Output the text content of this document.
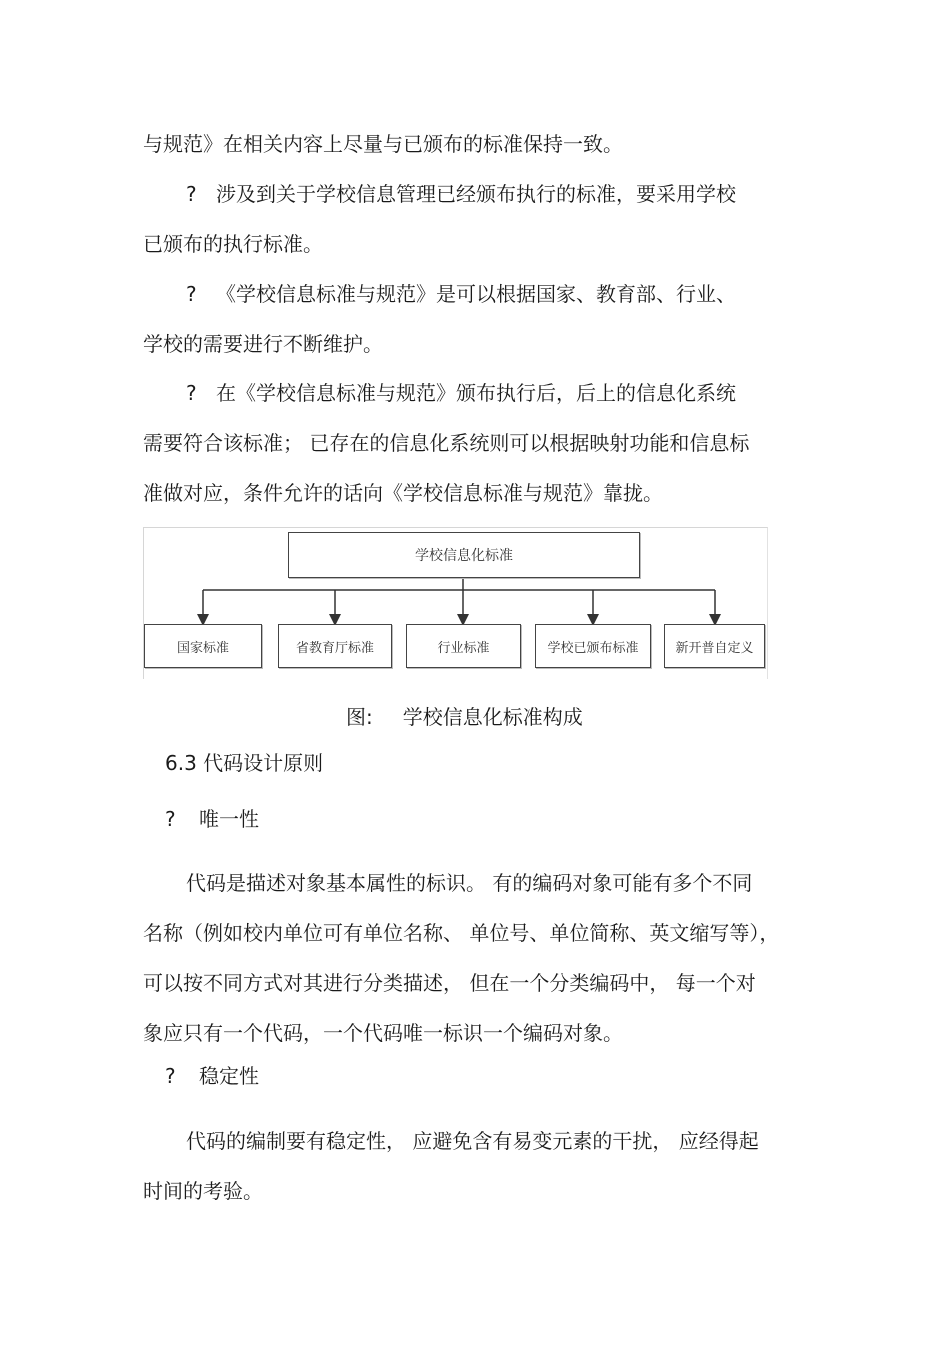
与规范》在相关内容上尽量与已颁布的标准保持一致。
? 涉及到关于学校信息管理已经颁布执行的标准，要采用学校
已颁布的执行标准。
? 《学校信息标准与规范》是可以根据国家、教育部、行业、
学校的需要进行不断维护。
? 在《学校信息标准与规范》颁布执行后，后上的信息化系统
需要符合该标准； 已存在的信息化系统则可以根据映射功能和信息标
准做对应，条件允许的话向《学校信息标准与规范》靠拢。
学校信息化标准
国家标准	省教育厅标准	行业标准	学校已颁布标准	新开普自定义
图: 学校信息化标准构成
6.3 代码设计原则
? 唯一性
代码是描述对象基本属性的标识。 有的编码对象可能有多个不同
名称（例如校内单位可有单位名称、 单位号、单位简称、英文缩写等），
可以按不同方式对其进行分类描述， 但在一个分类编码中， 每一个对
象应只有一个代码，一个代码唯一标识一个编码对象。
? 稳定性
代码的编制要有稳定性， 应避免含有易变元素的干扰， 应经得起
时间的考验。
